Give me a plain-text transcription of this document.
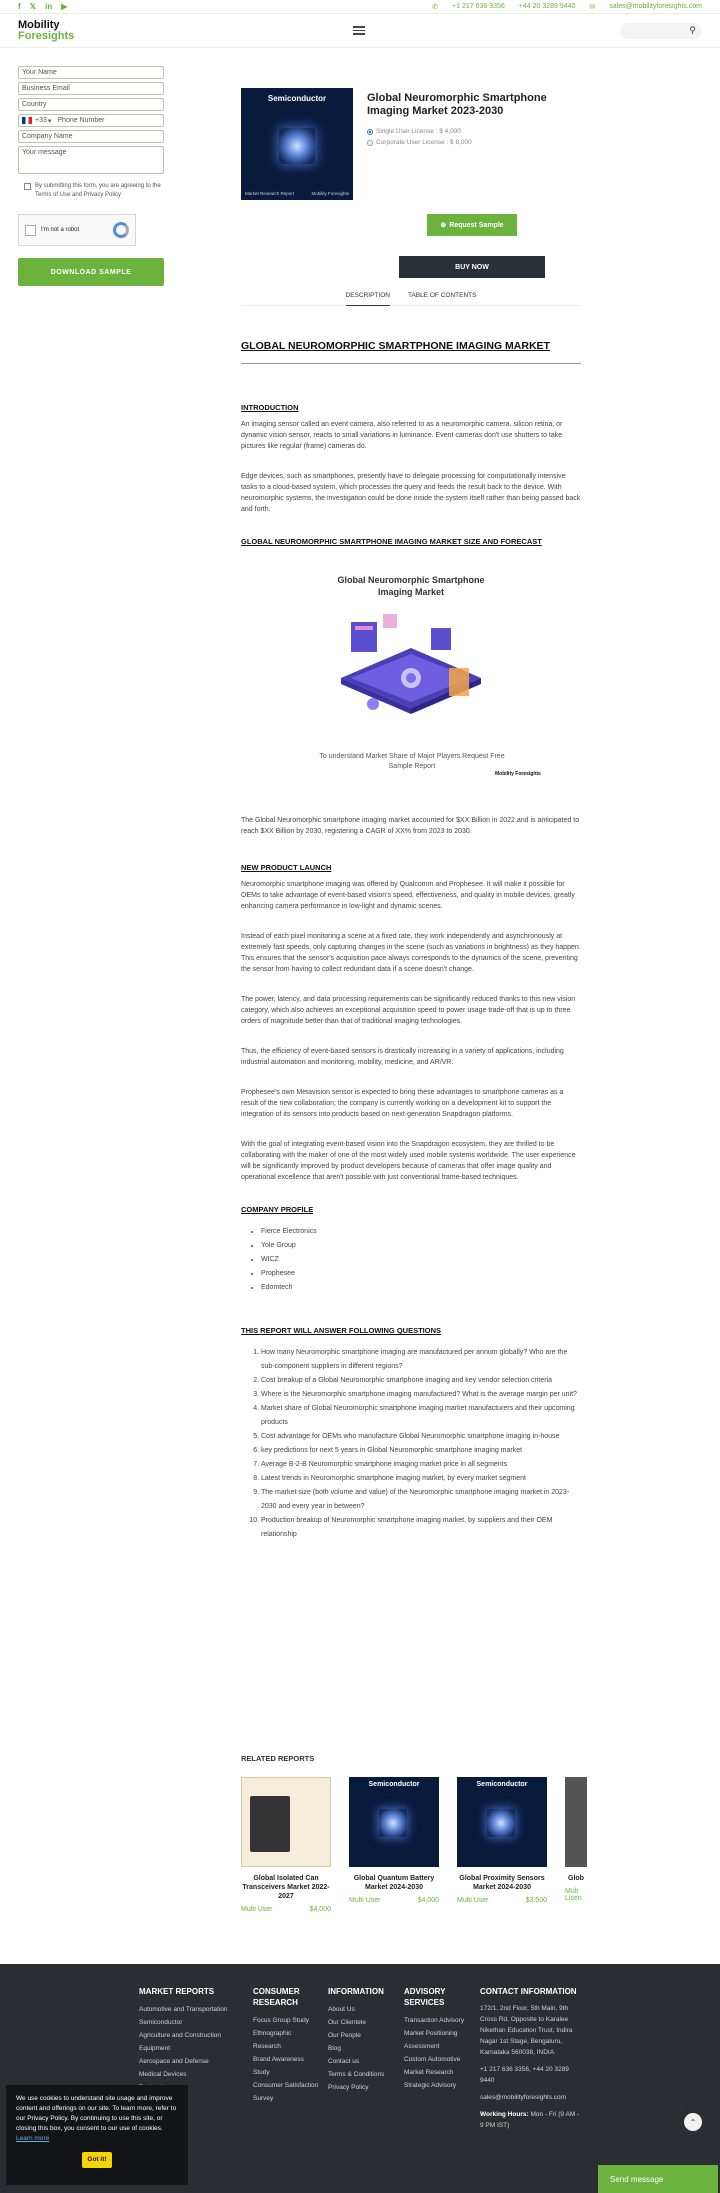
f 𝕏 in ▶	✆ +1 217 636 3356 +44 20 3289 9440 ✉ sales@mobilityforesights.com
Mobility
Foresights	⚲
Your Name
Business Email
Country
+33 ▾ Phone Number
Company Name
Your message
By submitting this form, you are agreeing to the Terms of Use and Privacy Policy
I'm not a robot
DOWNLOAD SAMPLE
Semiconductor
Market Research Report	Mobility Foresights
Global Neuromorphic Smartphone Imaging Market 2023-2030
Single User License : $ 4,000
Corporate User License : $ 8,000
⊕ Request Sample
BUY NOW
DESCRIPTION	TABLE OF CONTENTS
GLOBAL NEUROMORPHIC SMARTPHONE IMAGING MARKET
INTRODUCTION

An imaging sensor called an event camera, also referred to as a neuromorphic camera, silicon retina, or dynamic vision sensor, reacts to small variations in luminance. Event cameras don't use shutters to take pictures like regular (frame) cameras do.

Edge devices, such as smartphones, presently have to delegate processing for computationally intensive tasks to a cloud-based system, which processes the query and feeds the result back to the device. With neuromorphic systems, the investigation could be done inside the system itself rather than being passed back and forth.

GLOBAL NEUROMORPHIC SMARTPHONE IMAGING MARKET SIZE AND FORECAST
Global Neuromorphic Smartphone Imaging Market
To understand Market Share of Major Players Request Free Sample Report
Mobility Foresights

The Global Neuromorphic smartphone imaging market accounted for $XX Billion in 2022 and is anticipated to reach $XX Billion by 2030, registering a CAGR of XX% from 2023 to 2030.

NEW PRODUCT LAUNCH

Neuromorphic smartphone imaging was offered by Qualcomm and Prophesee. It will make it possible for OEMs to take advantage of event-based vision's speed, effectiveness, and quality in mobile devices, greatly enhancing camera performance in low-light and dynamic scenes.

Instead of each pixel monitoring a scene at a fixed rate, they work independently and asynchronously at extremely fast speeds, only capturing changes in the scene (such as variations in brightness) as they happen. This ensures that the sensor's acquisition pace always corresponds to the dynamics of the scene, preventing the sensor from having to collect redundant data if a scene doesn't change.

The power, latency, and data processing requirements can be significantly reduced thanks to this new vision category, which also achieves an exceptional acquisition speed to power usage trade-off that is up to three orders of magnitude better than that of traditional imaging technologies.

Thus, the efficiency of event-based sensors is drastically increasing in a variety of applications, including industrial automation and monitoring, mobility, medicine, and AR/VR.

Prophesee's own Metavision sensor is expected to bring these advantages to smartphone cameras as a result of the new collaboration; the company is currently working on a development kit to support the integration of its sensors into products based on next-generation Snapdragon platforms.

With the goal of integrating event-based vision into the Snapdragon ecosystem, they are thrilled to be collaborating with the maker of one of the most widely used mobile systems worldwide. The user experience will be significantly improved by product developers because of cameras that offer image quality and operational excellence that aren't possible with just conventional frame-based techniques.

COMPANY PROFILE
• Fierce Electronics
• Yole Group
• WICZ
• Prophesee
• Edomtech
THIS REPORT WILL ANSWER FOLLOWING QUESTIONS
1. How many Neuromorphic smartphone imaging are manufactured per annum globally? Who are the sub-component suppliers in different regions?
2. Cost breakup of a Global Neuromorphic smartphone imaging and key vendor selection criteria
3. Where is the Neuromorphic smartphone imaging manufactured? What is the average margin per unit?
4. Market share of Global Neuromorphic smartphone imaging market manufacturers and their upcoming products
5. Cost advantage for OEMs who manufacture Global Neuromorphic smartphone imaging in-house
6. key predictions for next 5 years in Global Neuromorphic smartphone imaging market
7. Average B-2-B Neuromorphic smartphone imaging market price in all segments
8. Latest trends in Neuromorphic smartphone imaging market, by every market segment
9. The market size (both volume and value) of the Neuromorphic smartphone imaging market in 2023-2030 and every year in between?
10. Production breakup of Neuromorphic smartphone imaging market, by suppliers and their OEM relationship
RELATED REPORTS
Global Isolated Can Transceivers Market 2022-2027
Multi User	$4,000
Semiconductor
Global Quantum Battery Market 2024-2030
Multi User	$4,000
Semiconductor
Global Proximity Sensors Market 2024-2030
Multi User	$3,500
Glob
Mult
Licen
MARKET REPORTS
Automotive and Transportation
Semiconductor
Agriculture and Construction Equipment
Aerospace and Defense
Medical Devices
CONSUMER RESEARCH
Focus Group Study
Ethnographic Research
Brand Awareness Study
Consumer Satisfaction Survey
INFORMATION
About Us
Our Clientele
Our People
Blog
Contact us
Terms & Conditions
Privacy Policy
ADVISORY SERVICES
Transaction Advisory
Market Positioning Assessment
Custom Automotive Market Research
Strategic Advisory
CONTACT INFORMATION
172/1, 2nd Floor, 5th Main, 9th Cross Rd, Opposite to Karalee Nikethan Education Trust, Indira Nagar 1st Stage, Bengaluru, Karnataka 560038, INDIA
+1 217 636 3356, +44 20 3289 9440
sales@mobilityforesights.com
Working Hours: Mon - Fri (9 AM - 9 PM IST)
We use cookies to understand site usage and improve content and offerings on our site. To learn more, refer to our Privacy Policy. By continuing to use this site, or closing this box, you consent to our use of cookies. Learn more
Got it!
⌃
Send message
